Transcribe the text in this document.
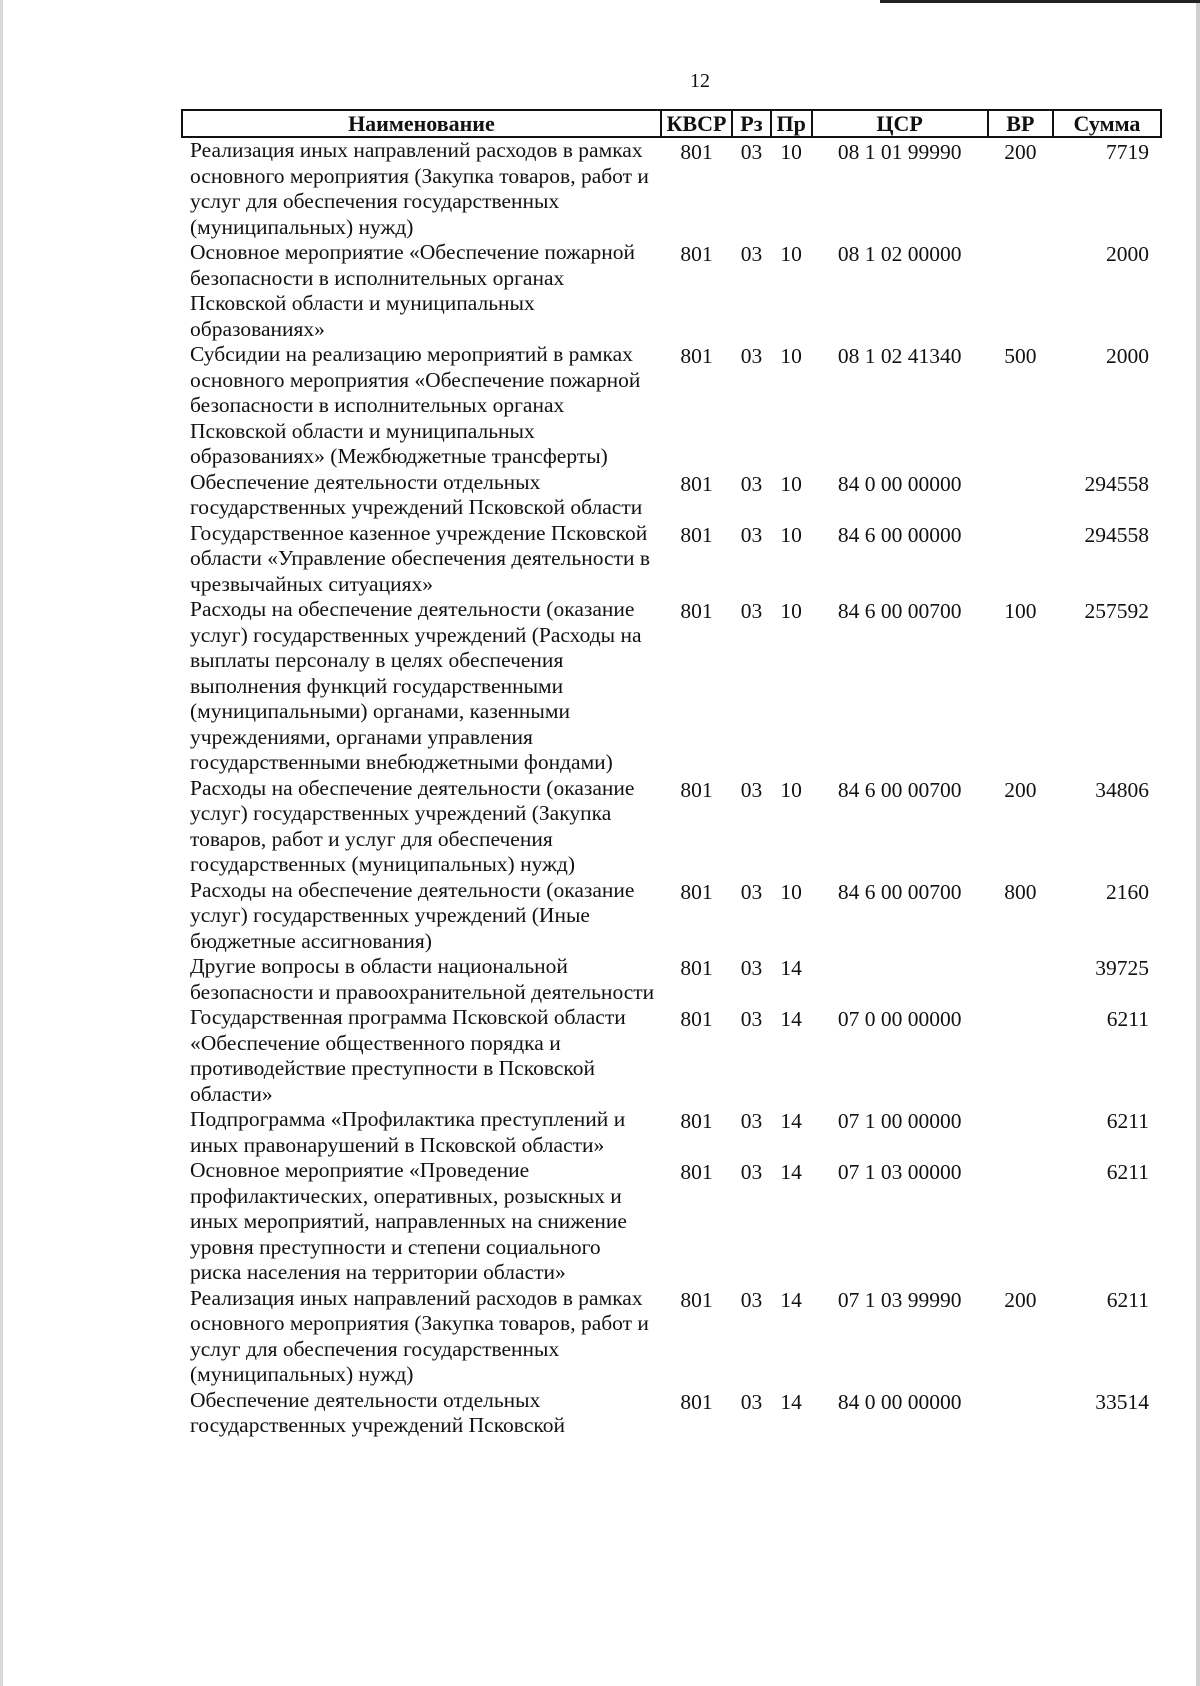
12
Наименование	КВСР	Рз	Пр	ЦСР	ВР	Сумма
Реализация иных направлений расходов в рамках основного мероприятия (Закупка товаров, работ и услуг для обеспечения государственных (муниципальных) нужд)	801	03	10	08 1 01 99990	200	7719
Основное мероприятие «Обеспечение пожарной безопасности в исполнительных органах Псковской области и муниципальных образованиях»	801	03	10	08 1 02 00000		2000
Субсидии на реализацию мероприятий в рамках основного мероприятия «Обеспечение пожарной безопасности в исполнительных органах Псковской области и муниципальных образованиях» (Межбюджетные трансферты)	801	03	10	08 1 02 41340	500	2000
Обеспечение деятельности отдельных государственных учреждений Псковской области	801	03	10	84 0 00 00000		294558
Государственное казенное учреждение Псковской области «Управление обеспечения деятельности в чрезвычайных ситуациях»	801	03	10	84 6 00 00000		294558
Расходы на обеспечение деятельности (оказание услуг) государственных учреждений (Расходы на выплаты персоналу в целях обеспечения выполнения функций государственными (муниципальными) органами, казенными учреждениями, органами управления государственными внебюджетными фондами)	801	03	10	84 6 00 00700	100	257592
Расходы на обеспечение деятельности (оказание услуг) государственных учреждений (Закупка товаров, работ и услуг для обеспечения государственных (муниципальных) нужд)	801	03	10	84 6 00 00700	200	34806
Расходы на обеспечение деятельности (оказание услуг) государственных учреждений (Иные бюджетные ассигнования)	801	03	10	84 6 00 00700	800	2160
Другие вопросы в области национальной безопасности и правоохранительной деятельности	801	03	14			39725
Государственная программа Псковской области «Обеспечение общественного порядка и противодействие преступности в Псковской области»	801	03	14	07 0 00 00000		6211
Подпрограмма «Профилактика преступлений и иных правонарушений в Псковской области»	801	03	14	07 1 00 00000		6211
Основное мероприятие «Проведение профилактических, оперативных, розыскных и иных мероприятий, направленных на снижение уровня преступности и степени социального риска населения на территории области»	801	03	14	07 1 03 00000		6211
Реализация иных направлений расходов в рамках основного мероприятия (Закупка товаров, работ и услуг для обеспечения государственных (муниципальных) нужд)	801	03	14	07 1 03 99990	200	6211
Обеспечение деятельности отдельных государственных учреждений Псковской	801	03	14	84 0 00 00000		33514
